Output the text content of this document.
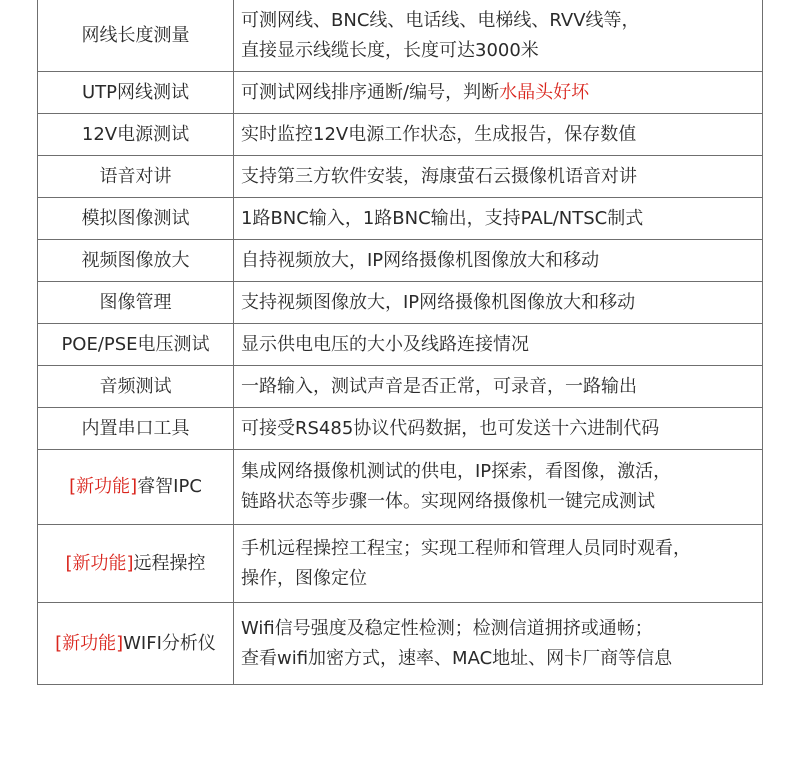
网线长度测量	可测网线、BNC线、电话线、电梯线、RVV线等，
直接显示线缆长度，长度可达3000米

UTP网线测试	可测试网线排序通断/编号，判断水晶头好坏
12V电源测试	实时监控12V电源工作状态，生成报告，保存数值
语音对讲	支持第三方软件安装，海康萤石云摄像机语音对讲
模拟图像测试	1路BNC输入，1路BNC输出，支持PAL/NTSC制式
视频图像放大	自持视频放大，IP网络摄像机图像放大和移动
图像管理	支持视频图像放大，IP网络摄像机图像放大和移动
POE/PSE电压测试	显示供电电压的大小及线路连接情况
音频测试	一路输入，测试声音是否正常，可录音，一路输出
内置串口工具	可接受RS485协议代码数据，也可发送十六进制代码
[新功能]睿智IPC	集成网络摄像机测试的供电，IP探索，看图像，激活，
链路状态等步骤一体。实现网络摄像机一键完成测试

[新功能]远程操控	手机远程操控工程宝；实现工程师和管理人员同时观看，
操作，图像定位

[新功能]WIFI分析仪	Wifi信号强度及稳定性检测；检测信道拥挤或通畅；
查看wifi加密方式，速率、MAC地址、网卡厂商等信息
